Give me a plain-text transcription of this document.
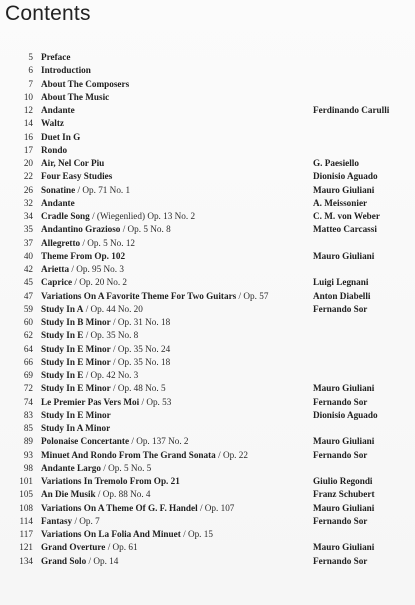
Contents
5 Preface
6 Introduction
7 About The Composers
10 About The Music
12 Andante	Ferdinando Carulli
14 Waltz
16 Duet In G
17 Rondo
20 Air, Nel Cor Piu	G. Paesiello
22 Four Easy Studies	Dionisio Aguado
26 Sonatine / Op. 71 No. 1	Mauro Giuliani
32 Andante	A. Meissonier
34 Cradle Song / (Wiegenlied) Op. 13 No. 2	C. M. von Weber
35 Andantino Grazioso / Op. 5 No. 8	Matteo Carcassi
37 Allegretto / Op. 5 No. 12
40 Theme From Op. 102	Mauro Giuliani
42 Arietta / Op. 95 No. 3
45 Caprice / Op. 20 No. 2	Luigi Legnani
47 Variations On A Favorite Theme For Two Guitars / Op. 57	Anton Diabelli
59 Study In A / Op. 44 No. 20	Fernando Sor
60 Study In B Minor / Op. 31 No. 18
62 Study In E / Op. 35 No. 8
64 Study In E Minor / Op. 35 No. 24
66 Study In E Minor / Op. 35 No. 18
69 Study In E / Op. 42 No. 3
72 Study In E Minor / Op. 48 No. 5	Mauro Giuliani
74 Le Premier Pas Vers Moi / Op. 53	Fernando Sor
83 Study In E Minor	Dionisio Aguado
85 Study In A Minor
89 Polonaise Concertante / Op. 137 No. 2	Mauro Giuliani
93 Minuet And Rondo From The Grand Sonata / Op. 22	Fernando Sor
98 Andante Largo / Op. 5 No. 5
101 Variations In Tremolo From Op. 21	Giulio Regondi
105 An Die Musik / Op. 88 No. 4	Franz Schubert
108 Variations On A Theme Of G. F. Handel / Op. 107	Mauro Giuliani
114 Fantasy / Op. 7	Fernando Sor
117 Variations On La Folia And Minuet / Op. 15
121 Grand Overture / Op. 61	Mauro Giuliani
134 Grand Solo / Op. 14	Fernando Sor
